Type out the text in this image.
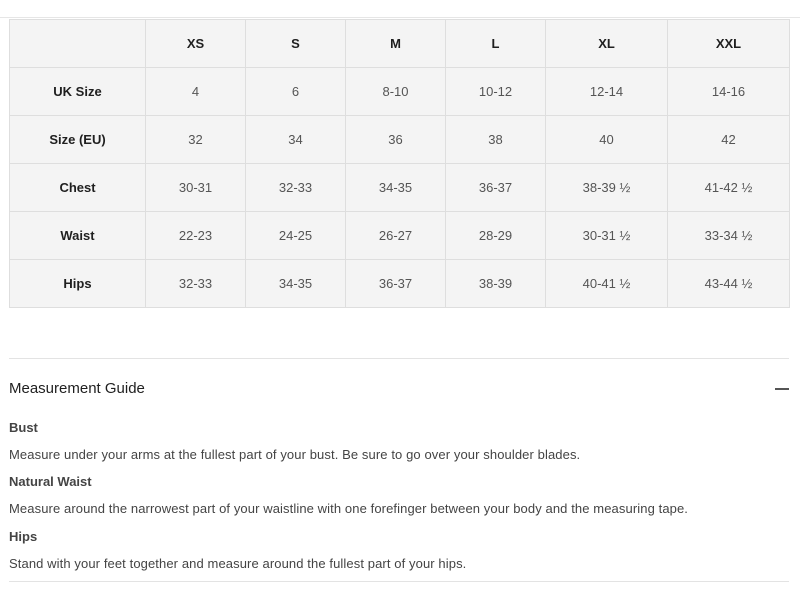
	XS	S	M	L	XL	XXL
UK Size	4	6	8-10	10-12	12-14	14-16
Size (EU)	32	34	36	38	40	42
Chest	30-31	32-33	34-35	36-37	38-39 ½	41-42 ½
Waist	22-23	24-25	26-27	28-29	30-31 ½	33-34 ½
Hips	32-33	34-35	36-37	38-39	40-41 ½	43-44 ½
Measurement Guide
Bust
Measure under your arms at the fullest part of your bust. Be sure to go over your shoulder blades.
Natural Waist
Measure around the narrowest part of your waistline with one forefinger between your body and the measuring tape.
Hips
Stand with your feet together and measure around the fullest part of your hips.
